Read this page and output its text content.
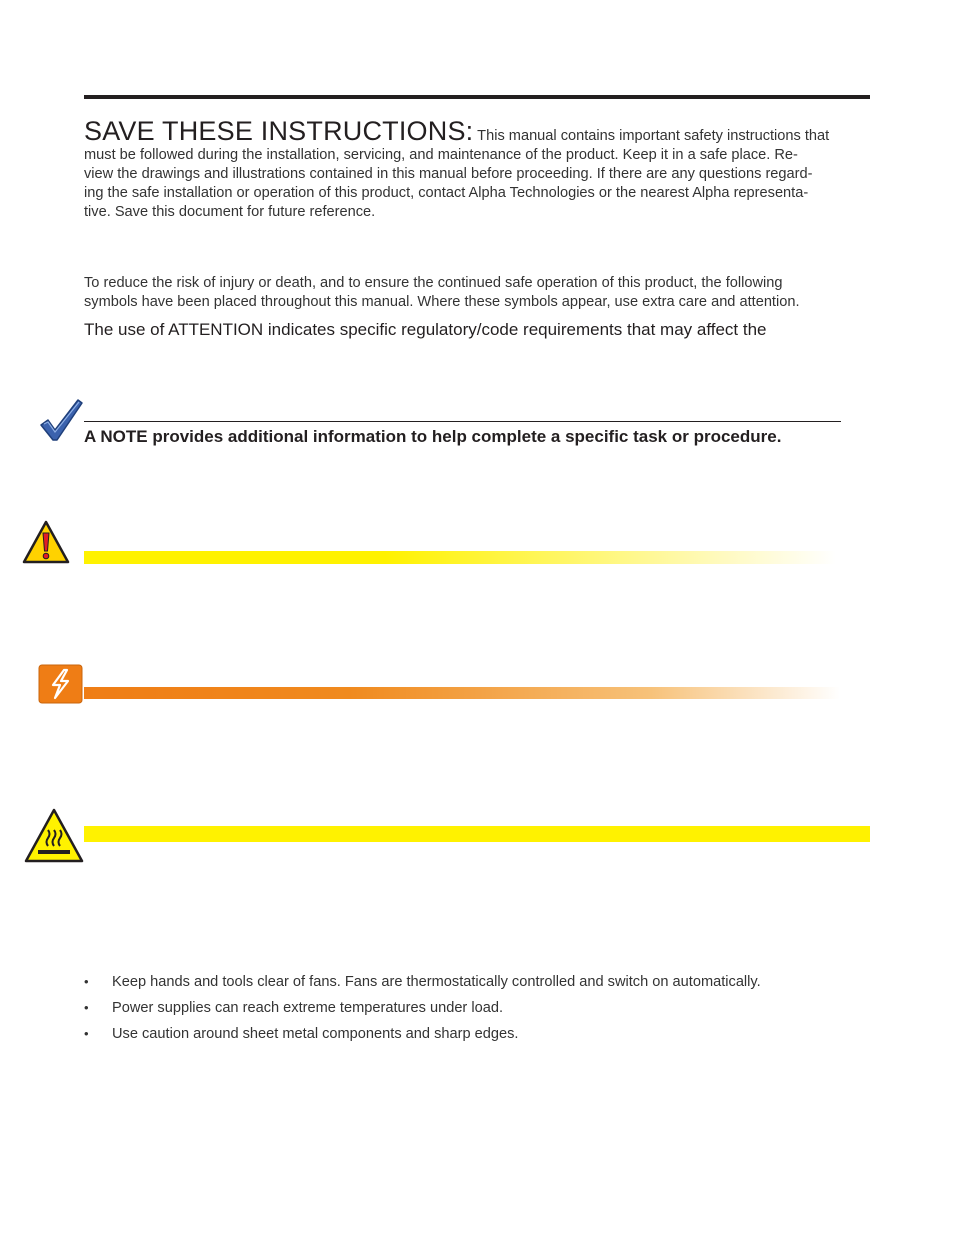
SAVE THESE INSTRUCTIONS: This manual contains important safety instructions that
must be followed during the installation, servicing, and maintenance of the product. Keep it in a safe place. Re-
view the drawings and illustrations contained in this manual before proceeding. If there are any questions regard-
ing the safe installation or operation of this product, contact Alpha Technologies or the nearest Alpha representa-
tive. Save this document for future reference.
To reduce the risk of injury or death, and to ensure the continued safe operation of this product, the following
symbols have been placed throughout this manual. Where these symbols appear, use extra care and attention.
The use of ATTENTION indicates specific regulatory/code requirements that may affect the
A NOTE provides additional information to help complete a specific task or procedure.
• Keep hands and tools clear of fans. Fans are thermostatically controlled and switch on automatically.
• Power supplies can reach extreme temperatures under load.
• Use caution around sheet metal components and sharp edges.
